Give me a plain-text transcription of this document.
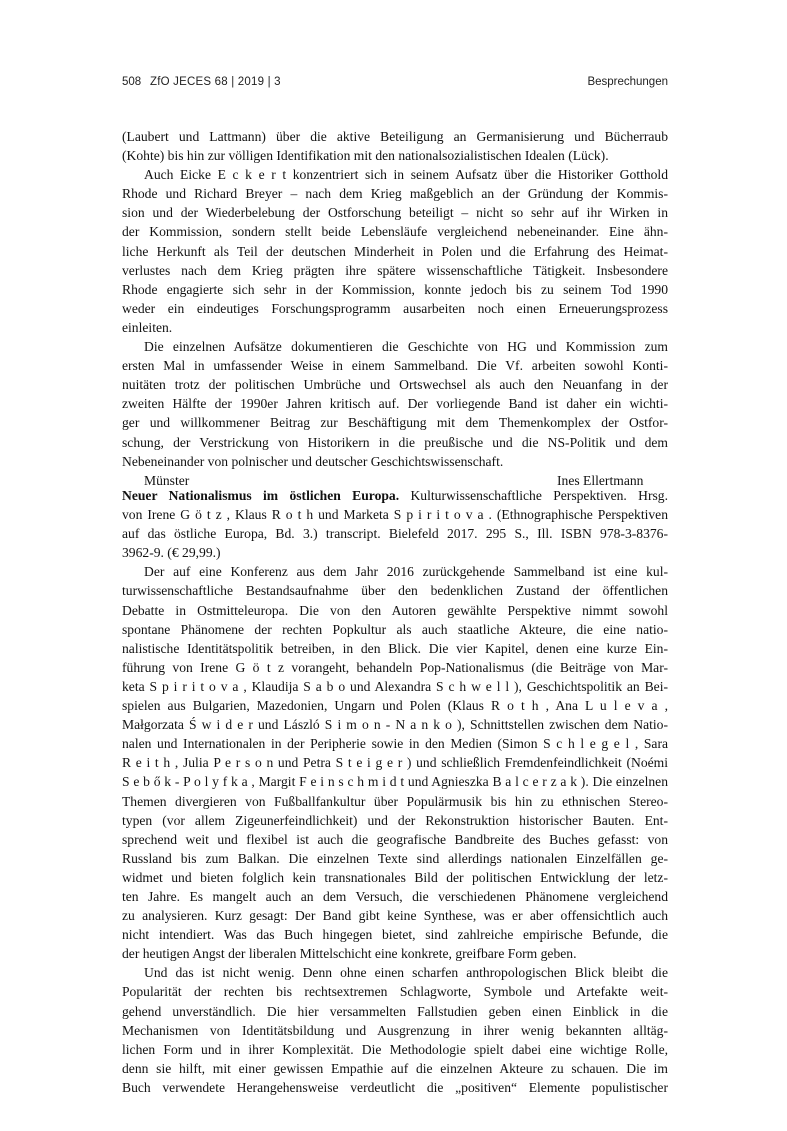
508 ZfO JECES 68 | 2019 | 3	Besprechungen
(Laubert und Lattmann) über die aktive Beteiligung an Germanisierung und Bücherraub
(Kohte) bis hin zur völligen Identifikation mit den nationalsozialistischen Idealen (Lück).
Auch Eicke E c k e r t konzentriert sich in seinem Aufsatz über die Historiker Gotthold
Rhode und Richard Breyer – nach dem Krieg maßgeblich an der Gründung der Kommis-
sion und der Wiederbelebung der Ostforschung beteiligt – nicht so sehr auf ihr Wirken in
der Kommission, sondern stellt beide Lebensläufe vergleichend nebeneinander. Eine ähn-
liche Herkunft als Teil der deutschen Minderheit in Polen und die Erfahrung des Heimat-
verlustes nach dem Krieg prägten ihre spätere wissenschaftliche Tätigkeit. Insbesondere
Rhode engagierte sich sehr in der Kommission, konnte jedoch bis zu seinem Tod 1990
weder ein eindeutiges Forschungsprogramm ausarbeiten noch einen Erneuerungsprozess
einleiten.
Die einzelnen Aufsätze dokumentieren die Geschichte von HG und Kommission zum
ersten Mal in umfassender Weise in einem Sammelband. Die Vf. arbeiten sowohl Konti-
nuitäten trotz der politischen Umbrüche und Ortswechsel als auch den Neuanfang in der
zweiten Hälfte der 1990er Jahren kritisch auf. Der vorliegende Band ist daher ein wichti-
ger und willkommener Beitrag zur Beschäftigung mit dem Themenkomplex der Ostfor-
schung, der Verstrickung von Historikern in die preußische und die NS-Politik und dem
Nebeneinander von polnischer und deutscher Geschichtswissenschaft.
Münster	Ines Ellertmann
Neuer Nationalismus im östlichen Europa. Kulturwissenschaftliche Perspektiven. Hrsg.
von Irene G ö t z , Klaus R o t h und Marketa S p i r i t o v a . (Ethnographische Perspektiven
auf das östliche Europa, Bd. 3.) transcript. Bielefeld 2017. 295 S., Ill. ISBN 978-3-8376-
3962-9. (€ 29,99.)
Der auf eine Konferenz aus dem Jahr 2016 zurückgehende Sammelband ist eine kul-
turwissenschaftliche Bestandsaufnahme über den bedenklichen Zustand der öffentlichen
Debatte in Ostmitteleuropa. Die von den Autoren gewählte Perspektive nimmt sowohl
spontane Phänomene der rechten Popkultur als auch staatliche Akteure, die eine natio-
nalistische Identitätspolitik betreiben, in den Blick. Die vier Kapitel, denen eine kurze Ein-
führung von Irene G ö t z vorangeht, behandeln Pop-Nationalismus (die Beiträge von Mar-
keta S p i r i t o v a , Klaudija S a b o und Alexandra S c h w e l l ), Geschichtspolitik an Bei-
spielen aus Bulgarien, Mazedonien, Ungarn und Polen (Klaus R o t h , Ana L u l e v a ,
Małgorzata Ś w i d e r und László S i m o n - N a n k o ), Schnittstellen zwischen dem Natio-
nalen und Internationalen in der Peripherie sowie in den Medien (Simon S c h l e g e l , Sara
R e i t h , Julia P e r s o n und Petra S t e i g e r ) und schließlich Fremdenfeindlichkeit (Noémi
S e b ő k - P o l y f k a , Margit F e i n s c h m i d t und Agnieszka B a l c e r z a k ). Die einzelnen
Themen divergieren von Fußballfankultur über Populärmusik bis hin zu ethnischen Stereo-
typen (vor allem Zigeunerfeindlichkeit) und der Rekonstruktion historischer Bauten. Ent-
sprechend weit und flexibel ist auch die geografische Bandbreite des Buches gefasst: von
Russland bis zum Balkan. Die einzelnen Texte sind allerdings nationalen Einzelfällen ge-
widmet und bieten folglich kein transnationales Bild der politischen Entwicklung der letz-
ten Jahre. Es mangelt auch an dem Versuch, die verschiedenen Phänomene vergleichend
zu analysieren. Kurz gesagt: Der Band gibt keine Synthese, was er aber offensichtlich auch
nicht intendiert. Was das Buch hingegen bietet, sind zahlreiche empirische Befunde, die
der heutigen Angst der liberalen Mittelschicht eine konkrete, greifbare Form geben.
Und das ist nicht wenig. Denn ohne einen scharfen anthropologischen Blick bleibt die
Popularität der rechten bis rechtsextremen Schlagworte, Symbole und Artefakte weit-
gehend unverständlich. Die hier versammelten Fallstudien geben einen Einblick in die
Mechanismen von Identitätsbildung und Ausgrenzung in ihrer wenig bekannten alltäg-
lichen Form und in ihrer Komplexität. Die Methodologie spielt dabei eine wichtige Rolle,
denn sie hilft, mit einer gewissen Empathie auf die einzelnen Akteure zu schauen. Die im
Buch verwendete Herangehensweise verdeutlicht die „positiven“ Elemente populistischer
